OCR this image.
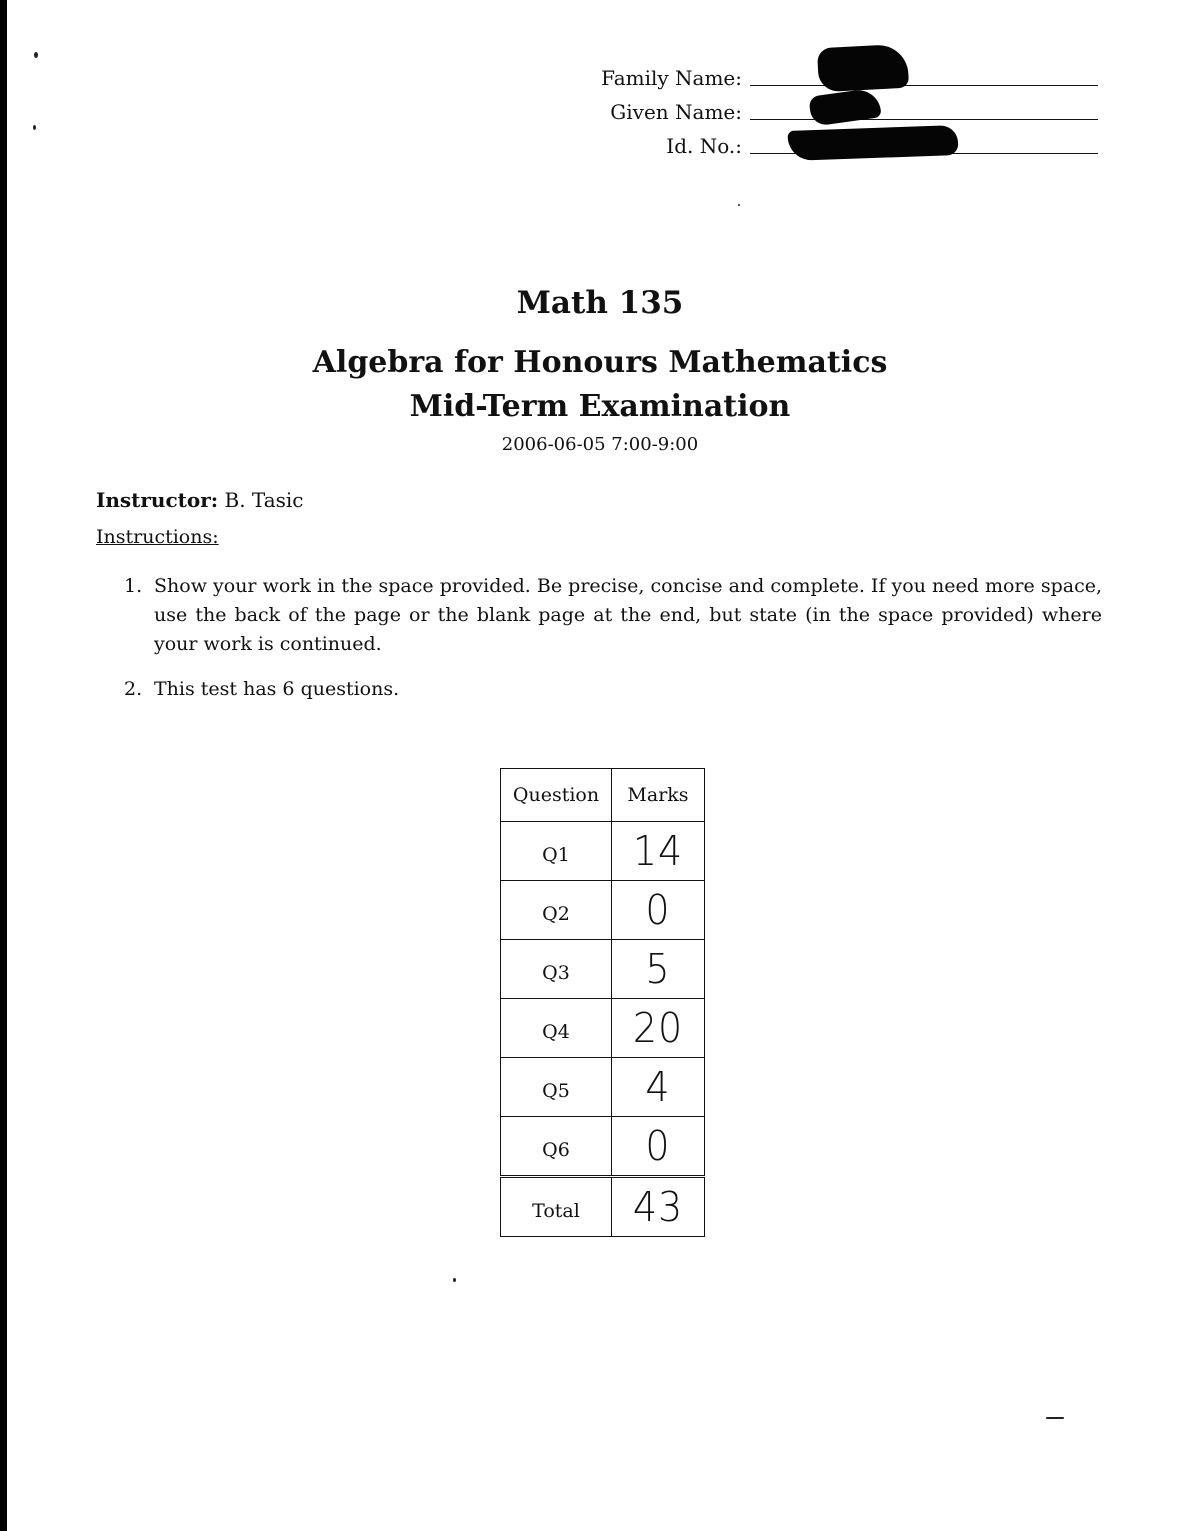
Family Name:
Given Name:
Id. No.:
Math 135
Algebra for Honours Mathematics
Mid-Term Examination
2006-06-05 7:00-9:00
Instructor: B. Tasic
Instructions:
1. Show your work in the space provided. Be precise, concise and complete. If you need more space, use the back of the page or the blank page at the end, but state (in the space provided) where your work is continued.
2. This test has 6 questions.
Question	Marks
Q1	14
Q2	0
Q3	5
Q4	20
Q5	4
Q6	0
Total	43
